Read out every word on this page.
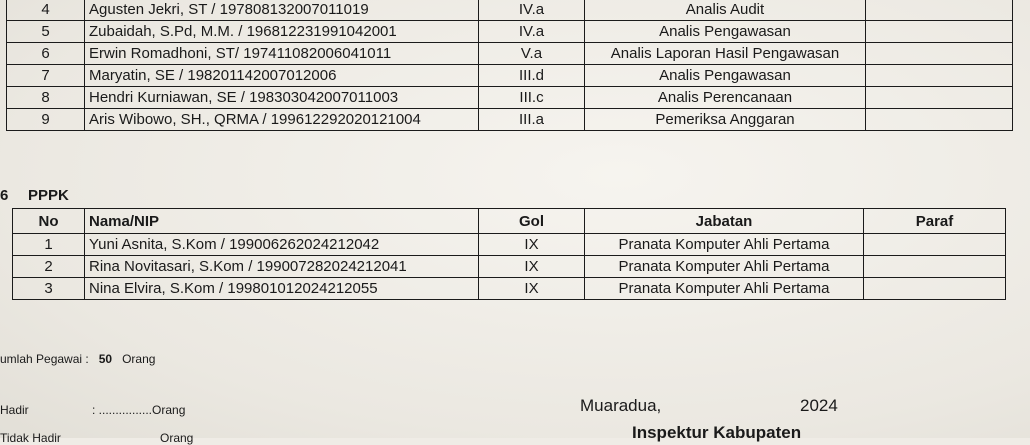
4	Agusten Jekri, ST / 197808132007011019	IV.a	Analis Audit	
5	Zubaidah, S.Pd, M.M. / 196812231991042001	IV.a	Analis Pengawasan	
6	Erwin Romadhoni, ST/ 197411082006041011	V.a	Analis Laporan Hasil Pengawasan	
7	Maryatin, SE / 198201142007012006	III.d	Analis Pengawasan	
8	Hendri Kurniawan, SE / 198303042007011003	III.c	Analis Perencanaan	
9	Aris Wibowo, SH., QRMA / 199612292020121004	III.a	Pemeriksa Anggaran	
6 PPPK
No	Nama/NIP	Gol	Jabatan	Paraf
1	Yuni Asnita, S.Kom / 199006262024212042	IX	Pranata Komputer Ahli Pertama	
2	Rina Novitasari, S.Kom / 199007282024212041	IX	Pranata Komputer Ahli Pertama	
3	Nina Elvira, S.Kom / 199801012024212055	IX	Pranata Komputer Ahli Pertama	
umlah Pegawai : 50 Orang
Hadir	: ................Orang
Tidak Hadir	Orang
Muaradua,	2024
Inspektur Kabupaten
